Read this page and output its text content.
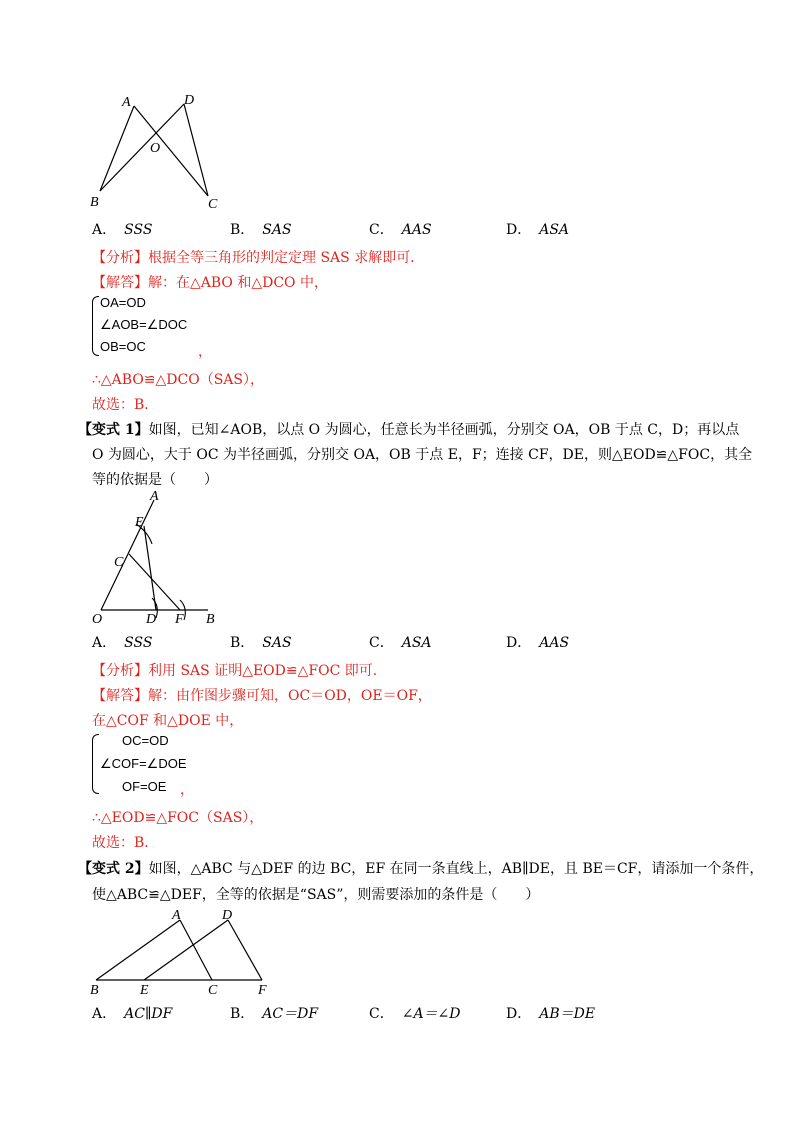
A	D
O
B	C
A． SSS	B． SAS	C． AAS	D． ASA
【分析】根据全等三角形的判定定理 SAS 求解即可．
【解答】解：在△ABO 和△DCO 中，
OA=OD
∠AOB=∠DOC
OB=OC	，
∴△ABO≌△DCO（SAS），
故选：B．
【变式 1】如图，已知∠AOB，以点 O 为圆心，任意长为半径画弧，分别交 OA，OB 于点 C，D；再以点
O 为圆心，大于 OC 为半径画弧，分别交 OA，OB 于点 E，F；连接 CF，DE，则△EOD≌△FOC，其全
等的依据是（　　）
A
E
C
O	D F B
A． SSS	B． SAS	C． ASA	D． AAS
【分析】利用 SAS 证明△EOD≌△FOC 即可．
【解答】解：由作图步骤可知，OC＝OD，OE＝OF，
在△COF 和△DOE 中，
OC=OD
∠COF=∠DOE
OF=OE ，
∴△EOD≌△FOC（SAS），
故选：B．
【变式 2】如图，△ABC 与△DEF 的边 BC，EF 在同一条直线上，AB∥DE，且 BE＝CF，请添加一个条件，
使△ABC≌△DEF，全等的依据是“SAS”，则需要添加的条件是（　　）
A	D
B	E	C	F
A． AC∥DF	B． AC＝DF	C． ∠A＝∠D	D． AB＝DE
